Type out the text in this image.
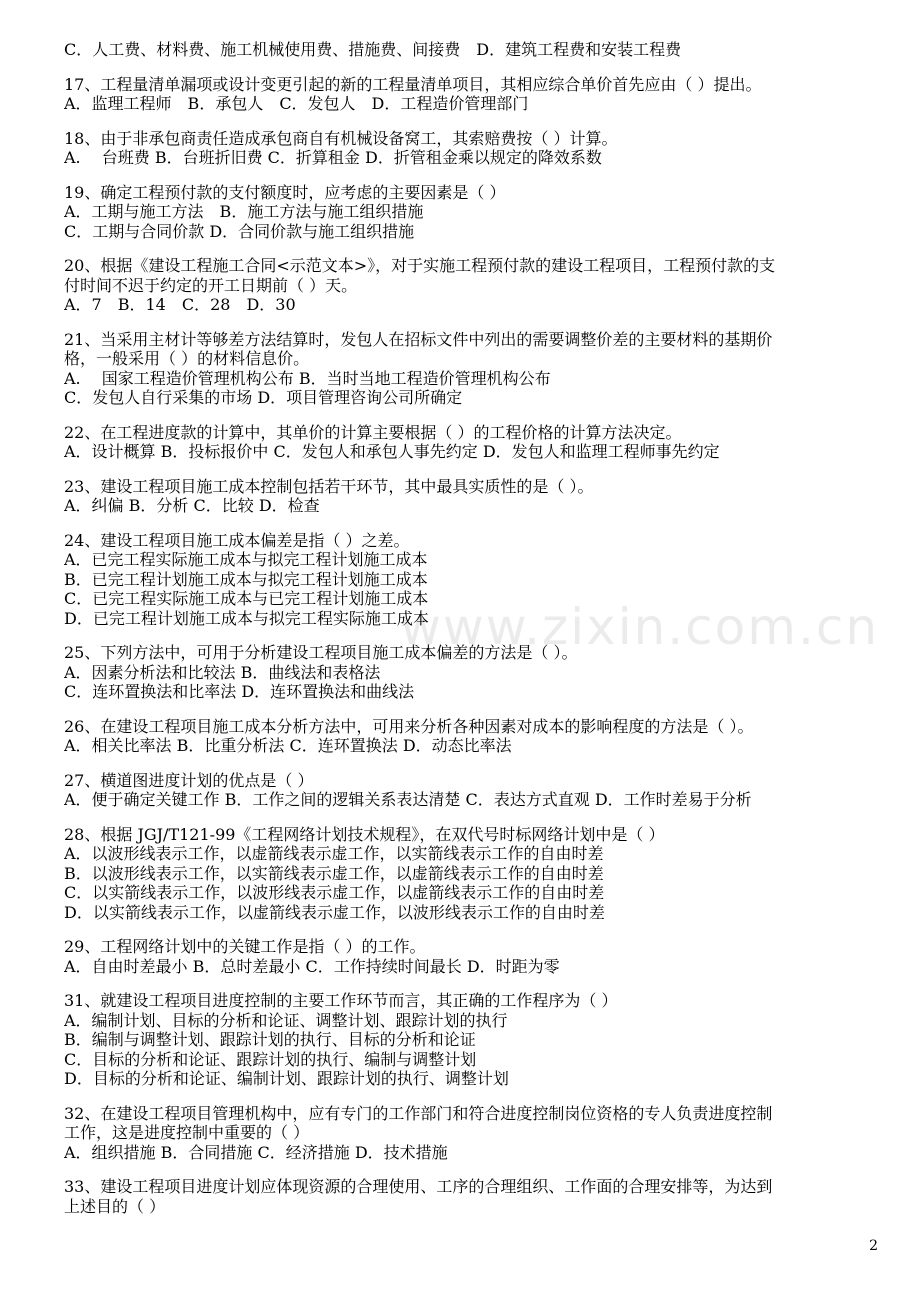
www.zixin.com.cn
C．人工费、材料费、施工机械使用费、措施费、间接费　D．建筑工程费和安装工程费
17、工程量清单漏项或设计变更引起的新的工程量清单项目，其相应综合单价首先应由（ ）提出。
A．监理工程师　B．承包人　C．发包人　D．工程造价管理部门
18、由于非承包商责任造成承包商自有机械设备窝工，其索赔费按（ ）计算。
A.　 台班费 B．台班折旧费 C．折算租金 D．折管租金乘以规定的降效系数
19、确定工程预付款的支付额度时，应考虑的主要因素是（ ）
A．工期与施工方法　B．施工方法与施工组织措施
C．工期与合同价款 D．合同价款与施工组织措施
20、根据《建设工程施工合同<示范文本>》，对于实施工程预付款的建设工程项目，工程预付款的支
付时间不迟于约定的开工日期前（ ）天。
A．7　B．14　C．28　D．30
21、当采用主材计等够差方法结算时，发包人在招标文件中列出的需要调整价差的主要材料的基期价
格，一般采用（ ）的材料信息价。
A.　 国家工程造价管理机构公布 B．当时当地工程造价管理机构公布
C．发包人自行采集的市场 D．项目管理咨询公司所确定
22、在工程进度款的计算中，其单价的计算主要根据（ ）的工程价格的计算方法决定。
A．设计概算 B．投标报价中 C．发包人和承包人事先约定 D．发包人和监理工程师事先约定
23、建设工程项目施工成本控制包括若干环节，其中最具实质性的是（ ）。
A．纠偏 B．分析 C．比较 D．检查
24、建设工程项目施工成本偏差是指（ ）之差。
A．已完工程实际施工成本与拟完工程计划施工成本
B．已完工程计划施工成本与拟完工程计划施工成本
C．已完工程实际施工成本与已完工程计划施工成本
D．已完工程计划施工成本与拟完工程实际施工成本
25、下列方法中，可用于分析建设工程项目施工成本偏差的方法是（ ）。
A．因素分析法和比较法 B．曲线法和表格法
C．连环置换法和比率法 D．连环置换法和曲线法
26、在建设工程项目施工成本分析方法中，可用来分析各种因素对成本的影响程度的方法是（ ）。
A．相关比率法 B．比重分析法 C．连环置换法 D．动态比率法
27、横道图进度计划的优点是（ ）
A．便于确定关键工作 B．工作之间的逻辑关系表达清楚 C．表达方式直观 D．工作时差易于分析
28、根据 JGJ/T121-99《工程网络计划技术规程》，在双代号时标网络计划中是（ ）
A．以波形线表示工作，以虚箭线表示虚工作，以实箭线表示工作的自由时差
B．以波形线表示工作，以实箭线表示虚工作，以虚箭线表示工作的自由时差
C．以实箭线表示工作，以波形线表示虚工作，以虚箭线表示工作的自由时差
D．以实箭线表示工作，以虚箭线表示虚工作，以波形线表示工作的自由时差
29、工程网络计划中的关键工作是指（ ）的工作。
A．自由时差最小 B．总时差最小 C．工作持续时间最长 D．时距为零
31、就建设工程项目进度控制的主要工作环节而言，其正确的工作程序为（ ）
A．编制计划、目标的分析和论证、调整计划、跟踪计划的执行
B．编制与调整计划、跟踪计划的执行、目标的分析和论证
C．目标的分析和论证、跟踪计划的执行、编制与调整计划
D．目标的分析和论证、编制计划、跟踪计划的执行、调整计划
32、在建设工程项目管理机构中，应有专门的工作部门和符合进度控制岗位资格的专人负责进度控制
工作，这是进度控制中重要的（ ）
A．组织措施 B．合同措施 C．经济措施 D．技术措施
33、建设工程项目进度计划应体现资源的合理使用、工序的合理组织、工作面的合理安排等，为达到
上述目的（ ）
2
